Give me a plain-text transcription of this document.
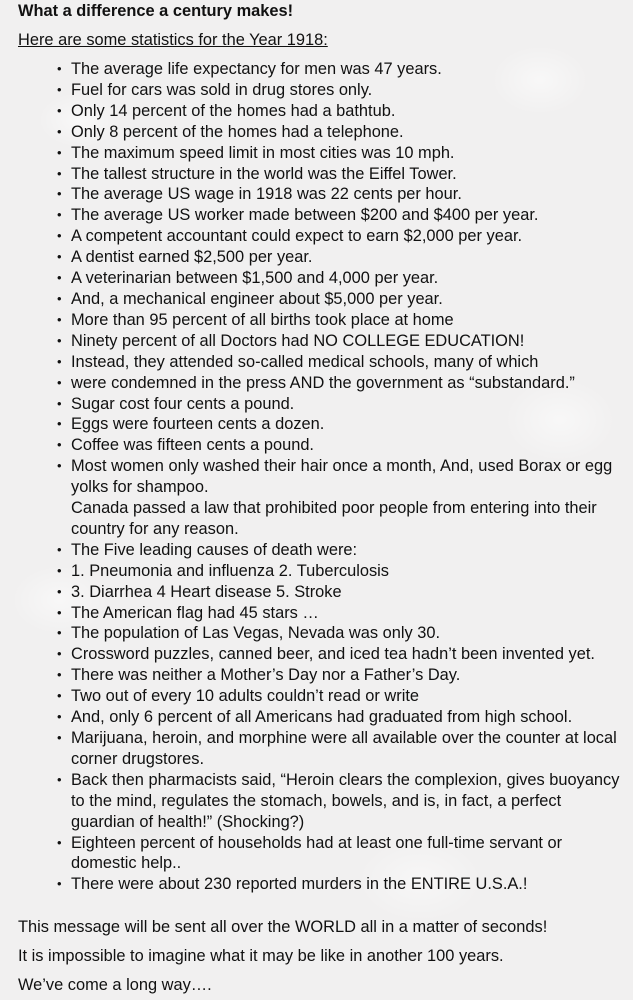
What a difference a century makes!

Here are some statistics for the Year 1918:

• The average life expectancy for men was 47 years.
• Fuel for cars was sold in drug stores only.
• Only 14 percent of the homes had a bathtub.
• Only 8 percent of the homes had a telephone.
• The maximum speed limit in most cities was 10 mph.
• The tallest structure in the world was the Eiffel Tower.
• The average US wage in 1918 was 22 cents per hour.
• The average US worker made between $200 and $400 per year.
• A competent accountant could expect to earn $2,000 per year.
• A dentist earned $2,500 per year.
• A veterinarian between $1,500 and 4,000 per year.
• And, a mechanical engineer about $5,000 per year.
• More than 95 percent of all births took place at home
• Ninety percent of all Doctors had NO COLLEGE EDUCATION!
• Instead, they attended so-called medical schools, many of which
• were condemned in the press AND the government as “substandard.”
• Sugar cost four cents a pound.
• Eggs were fourteen cents a dozen.
• Coffee was fifteen cents a pound.
• Most women only washed their hair once a month, And, used Borax or egg yolks for shampoo.
Canada passed a law that prohibited poor people from entering into their country for any reason.
• The Five leading causes of death were:
• 1. Pneumonia and influenza 2. Tuberculosis
• 3. Diarrhea 4 Heart disease 5. Stroke
• The American flag had 45 stars …
• The population of Las Vegas, Nevada was only 30.
• Crossword puzzles, canned beer, and iced tea hadn’t been invented yet.
• There was neither a Mother’s Day nor a Father’s Day.
• Two out of every 10 adults couldn’t read or write
• And, only 6 percent of all Americans had graduated from high school.
• Marijuana, heroin, and morphine were all available over the counter at local corner drugstores.
• Back then pharmacists said, “Heroin clears the complexion, gives buoyancy to the mind, regulates the stomach, bowels, and is, in fact, a perfect guardian of health!” (Shocking?)
• Eighteen percent of households had at least one full-time servant or domestic help..
• There were about 230 reported murders in the ENTIRE U.S.A.!

This message will be sent all over the WORLD all in a matter of seconds!

It is impossible to imagine what it may be like in another 100 years.

We’ve come a long way….
